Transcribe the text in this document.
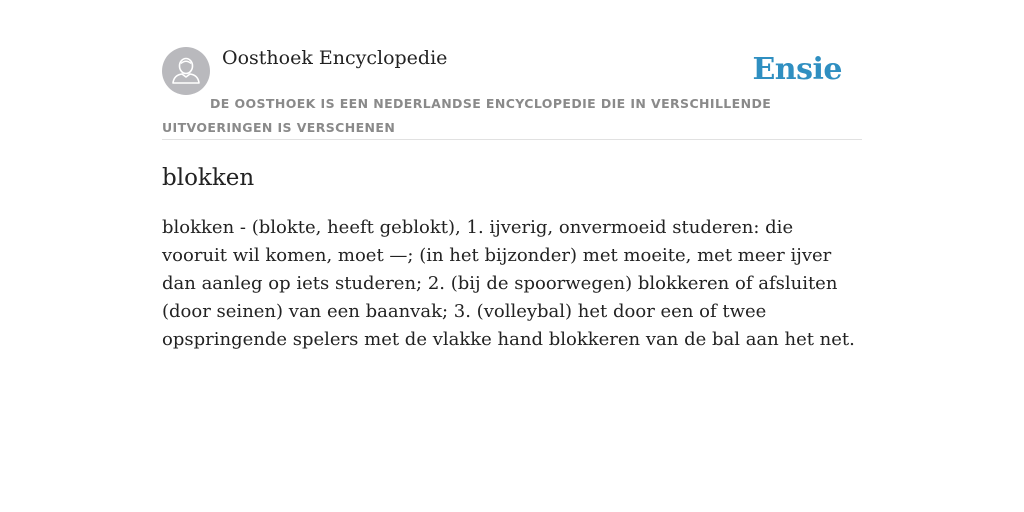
Oosthoek Encyclopedie	Ensie
DE OOSTHOEK IS EEN NEDERLANDSE ENCYCLOPEDIE DIE IN VERSCHILLENDE UITVOERINGEN IS VERSCHENEN
blokken

blokken - (blokte, heeft geblokt), 1. ijverig, onvermoeid studeren: die vooruit wil komen, moet —; (in het bijzonder) met moeite, met meer ijver dan aanleg op iets studeren; 2. (bij de spoorwegen) blokkeren of afsluiten (door seinen) van een baanvak; 3. (volleybal) het door een of twee opspringende spelers met de vlakke hand blokkeren van de bal aan het net.
